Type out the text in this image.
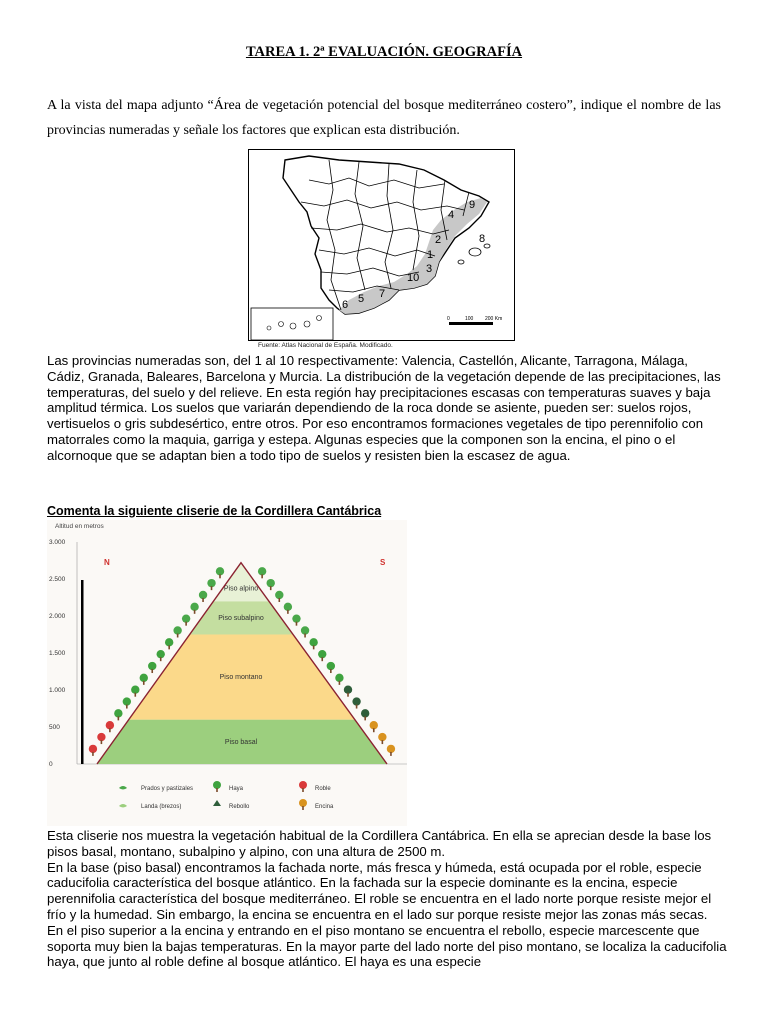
TAREA 1. 2ª EVALUACIÓN. GEOGRAFÍA

A la vista del mapa adjunto “Área de vegetación potencial del bosque mediterráneo costero”, indique el nombre de las provincias numeradas y señale los factores que explican esta distribución.

0	100 200 Km
1
2
3
4
5
6
7
8
9
10
Fuente: Atlas Nacional de España. Modificado.

Las provincias numeradas son, del 1 al 10 respectivamente: Valencia, Castellón, Alicante, Tarragona, Málaga, Cádiz, Granada, Baleares, Barcelona y Murcia. La distribución de la vegetación depende de las precipitaciones, las temperaturas, del suelo y del relieve. En esta región hay precipitaciones escasas con temperaturas suaves y baja amplitud térmica. Los suelos que variarán dependiendo de la roca donde se asiente, pueden ser: suelos rojos, vertisuelos o gris subdesértico, entre otros. Por eso encontramos formaciones vegetales de tipo perennifolio con matorrales como la maquia, garriga y estepa. Algunas especies que la componen son la encina, el pino o el alcornoque que se adaptan bien a todo tipo de suelos y resisten bien la escasez de agua.

Comenta la siguiente cliserie de la Cordillera Cantábrica
Altitud en metros
3.000
2.500
2.000
1.500
1.000
500
0
N	S
Piso basal
Piso montano
Piso subalpino
Piso alpino
Prados y pastizales
Landa (brezos)
Haya
Rebollo
Roble
Encina

Esta cliserie nos muestra la vegetación habitual de la Cordillera Cantábrica. En ella se aprecian desde la base los pisos basal, montano, subalpino y alpino, con una altura de 2500 m.
En la base (piso basal) encontramos la fachada norte, más fresca y húmeda, está ocupada por el roble, especie caducifolia característica del bosque atlántico. En la fachada sur la especie dominante es la encina, especie perennifolia característica del bosque mediterráneo. El roble se encuentra en el lado norte porque resiste mejor el frío y la humedad. Sin embargo, la encina se encuentra en el lado sur porque resiste mejor las zonas más secas. En el piso superior a la encina y entrando en el piso montano se encuentra el rebollo, especie marcescente que soporta muy bien la bajas temperaturas. En la mayor parte del lado norte del piso montano, se localiza la caducifolia haya, que junto al roble define al bosque atlántico. El haya es una especie
